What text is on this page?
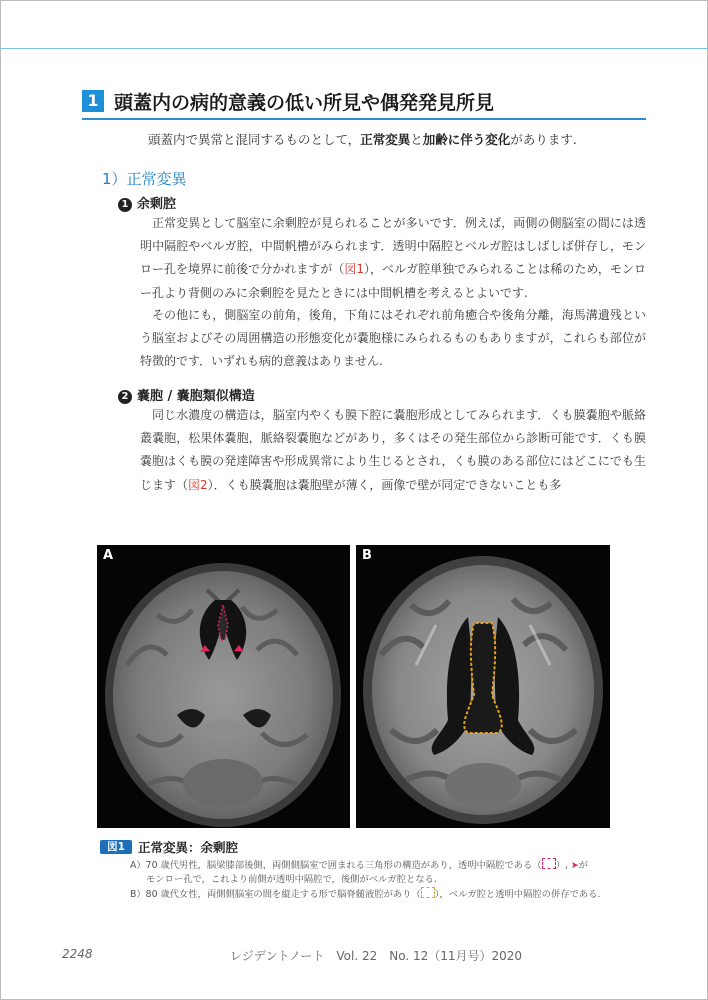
1 頭蓋内の病的意義の低い所見や偶発発見所見
頭蓋内で異常と混同するものとして，正常変異と加齢に伴う変化があります.
1）正常変異
1 余剰腔

正常変異として脳室に余剰腔が見られることが多いです．例えば，両側の側脳室の間には透明中隔腔やベルガ腔，中間帆槽がみられます．透明中隔腔とベルガ腔はしばしば併存し，モンロー孔を境界に前後で分かれますが（図1），ベルガ腔単独でみられることは稀のため，モンロー孔より背側のみに余剰腔を見たときには中間帆槽を考えるとよいです.

その他にも，側脳室の前角，後角，下角にはそれぞれ前角癒合や後角分離，海馬溝遺残という脳室およびその周囲構造の形態変化が嚢胞様にみられるものもありますが，これらも部位が特徴的です．いずれも病的意義はありません.

2 嚢胞 / 嚢胞類似構造

同じ水濃度の構造は，脳室内やくも膜下腔に嚢胞形成としてみられます．くも膜嚢胞や脈絡叢嚢胞，松果体嚢胞，脈絡裂嚢胞などがあり，多くはその発生部位から診断可能です．くも膜嚢胞はくも膜の発達障害や形成異常により生じるとされ，くも膜のある部位にはどこにでも生じます（図2）．くも膜嚢胞は嚢胞壁が薄く，画像で壁が同定できないことも多

A	B
図1	正常変異：余剰腔
A）70 歳代男性，脳梁膝部後側，両側側脳室で囲まれる三角形の構造があり，透明中隔腔である（ ）, ➤が
モンロー孔で，これより前側が透明中隔腔で，後側がベルガ腔となる.
B）80 歳代女性，両側側脳室の間を縦走する形で脳脊髄液腔があり（ ），ベルガ腔と透明中隔腔の併存である.
2248	レジデントノート　Vol. 22　No. 12（11月号）2020
